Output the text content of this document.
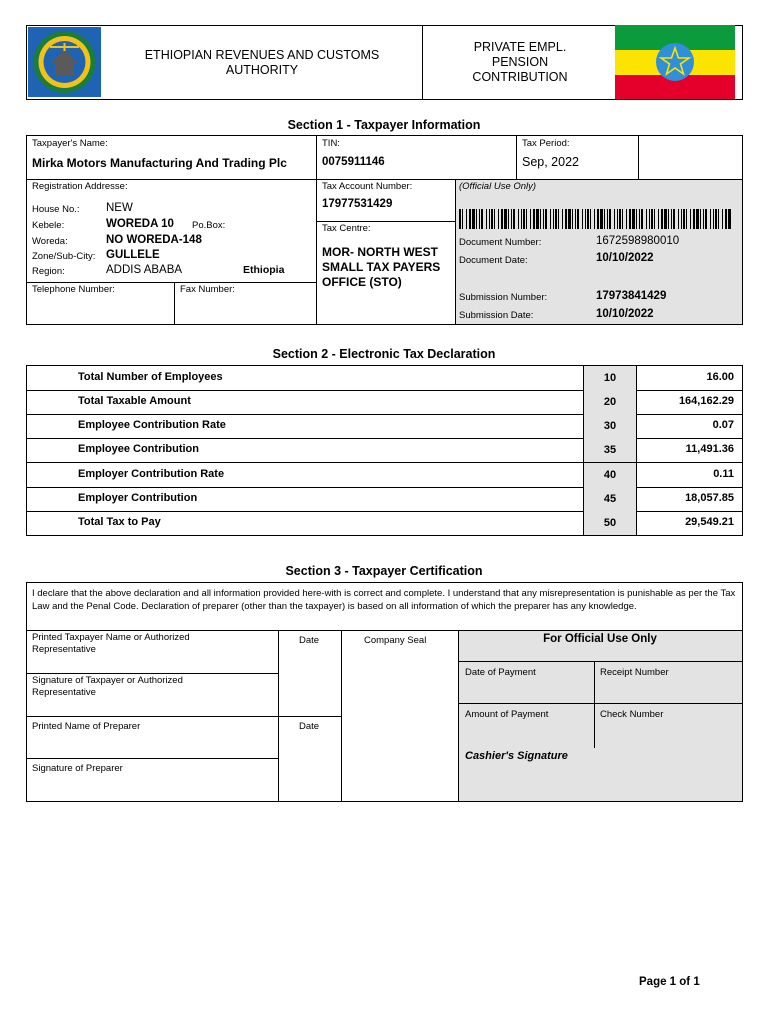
ETHIOPIAN REVENUES AND CUSTOMS AUTHORITY
PRIVATE EMPL. PENSION CONTRIBUTION
Section 1 - Taxpayer Information
Taxpayer's Name:
Mirka Motors Manufacturing And Trading Plc
TIN:
0075911146
Tax Period:
Sep, 2022
Registration Addresse:
House No.: NEW
Kebele:	WOREDA 10 Po.Box:
Woreda:	NO WOREDA-148
Zone/Sub-City: GULLELE
Region:	ADDIS ABABA	Ethiopia
Telephone Number:	Fax Number:
Tax Account Number:
17977531429
Tax Centre:
MOR- NORTH WEST SMALL TAX PAYERS OFFICE (STO)
(Official Use Only)
Document Number:	1672598980010
Document Date:	10/10/2022
Submission Number:	17973841429
Submission Date:	10/10/2022
Section 2 - Electronic Tax Declaration
Total Number of Employees	10	16.00
Total Taxable Amount	20	164,162.29
Employee Contribution Rate	30	0.07
Employee Contribution	35	11,491.36
Employer Contribution Rate	40	0.11
Employer Contribution	45	18,057.85
Total Tax to Pay	50	29,549.21
Section 3 - Taxpayer Certification
I declare that the above declaration and all information provided here-with is correct and complete. I understand that any misrepresentation is punishable as per the Tax Law and the Penal Code. Declaration of preparer (other than the taxpayer) is based on all information of which the preparer has any knowledge.
Printed Taxpayer Name or Authorized Representative
Signature of Taxpayer or Authorized Representative
Printed Name of Preparer
Signature of Preparer
Date
Date
Company Seal	For Official Use Only
Date of Payment	Receipt Number
Amount of Payment	Check Number
Cashier's Signature
Page 1 of 1
